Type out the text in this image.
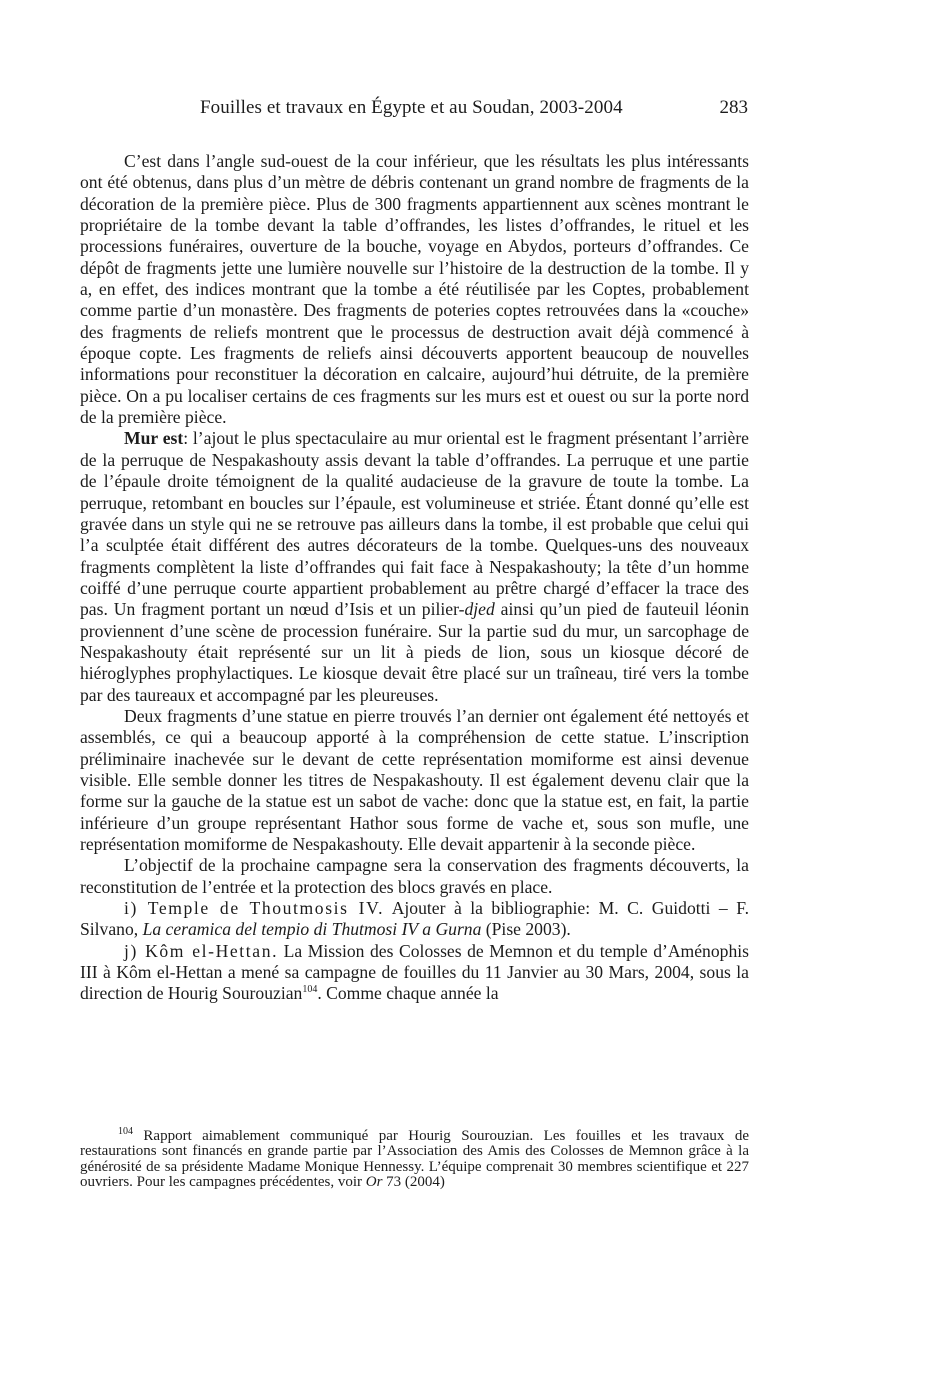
Fouilles et travaux en Égypte et au Soudan, 2003-2004	283

C’est dans l’angle sud-ouest de la cour inférieur, que les résultats les plus intéressants ont été obtenus, dans plus d’un mètre de débris contenant un grand nombre de fragments de la décoration de la première pièce. Plus de 300 fragments appartiennent aux scènes montrant le propriétaire de la tombe devant la table d’offrandes, les listes d’offrandes, le rituel et les processions funéraires, ouverture de la bouche, voyage en Abydos, porteurs d’offrandes. Ce dépôt de fragments jette une lumière nouvelle sur l’histoire de la destruction de la tombe. Il y a, en effet, des indices montrant que la tombe a été réutilisée par les Coptes, probablement comme partie d’un monastère. Des fragments de poteries coptes retrouvées dans la «couche» des fragments de reliefs montrent que le processus de destruction avait déjà commencé à époque copte. Les fragments de reliefs ainsi découverts apportent beaucoup de nouvelles informations pour reconstituer la décoration en calcaire, aujourd’hui détruite, de la première pièce. On a pu localiser certains de ces fragments sur les murs est et ouest ou sur la porte nord de la première pièce.

Mur est: l’ajout le plus spectaculaire au mur oriental est le fragment présentant l’arrière de la perruque de Nespakashouty assis devant la table d’offrandes. La perruque et une partie de l’épaule droite témoignent de la qualité audacieuse de la gravure de toute la tombe. La perruque, retombant en boucles sur l’épaule, est volumineuse et striée. Étant donné qu’elle est gravée dans un style qui ne se retrouve pas ailleurs dans la tombe, il est probable que celui qui l’a sculptée était différent des autres décorateurs de la tombe. Quelques-uns des nouveaux fragments complètent la liste d’offrandes qui fait face à Nespakashouty; la tête d’un homme coiffé d’une perruque courte appartient probablement au prêtre chargé d’effacer la trace des pas. Un fragment portant un nœud d’Isis et un pilier-djed ainsi qu’un pied de fauteuil léonin proviennent d’une scène de procession funéraire. Sur la partie sud du mur, un sarcophage de Nespakashouty était représenté sur un lit à pieds de lion, sous un kiosque décoré de hiéroglyphes prophylactiques. Le kiosque devait être placé sur un traîneau, tiré vers la tombe par des taureaux et accompagné par les pleureuses.

Deux fragments d’une statue en pierre trouvés l’an dernier ont également été nettoyés et assemblés, ce qui a beaucoup apporté à la compréhension de cette statue. L’inscription préliminaire inachevée sur le devant de cette représentation momiforme est ainsi devenue visible. Elle semble donner les titres de Nespakashouty. Il est également devenu clair que la forme sur la gauche de la statue est un sabot de vache: donc que la statue est, en fait, la partie inférieure d’un groupe représentant Hathor sous forme de vache et, sous son mufle, une représentation momiforme de Nespakashouty. Elle devait appartenir à la seconde pièce.

L’objectif de la prochaine campagne sera la conservation des fragments découverts, la reconstitution de l’entrée et la protection des blocs gravés en place.

i) Temple de Thoutmosis IV. Ajouter à la bibliographie: M. C. Guidotti – F. Silvano, La ceramica del tempio di Thutmosi IV a Gurna (Pise 2003).

j) Kôm el-Hettan. La Mission des Colosses de Memnon et du temple d’Aménophis III à Kôm el-Hettan a mené sa campagne de fouilles du 11 Janvier au 30 Mars, 2004, sous la direction de Hourig Sourouzian$^{104}$. Comme chaque année la

$^{104}$ Rapport aimablement communiqué par Hourig Sourouzian. Les fouilles et les travaux de restaurations sont financés en grande partie par l’Association des Amis des Colosses de Memnon grâce à la générosité de sa présidente Madame Monique Hennessy. L’équipe comprenait 30 membres scientifique et 227 ouvriers. Pour les campagnes précédentes, voir Or 73 (2004)
